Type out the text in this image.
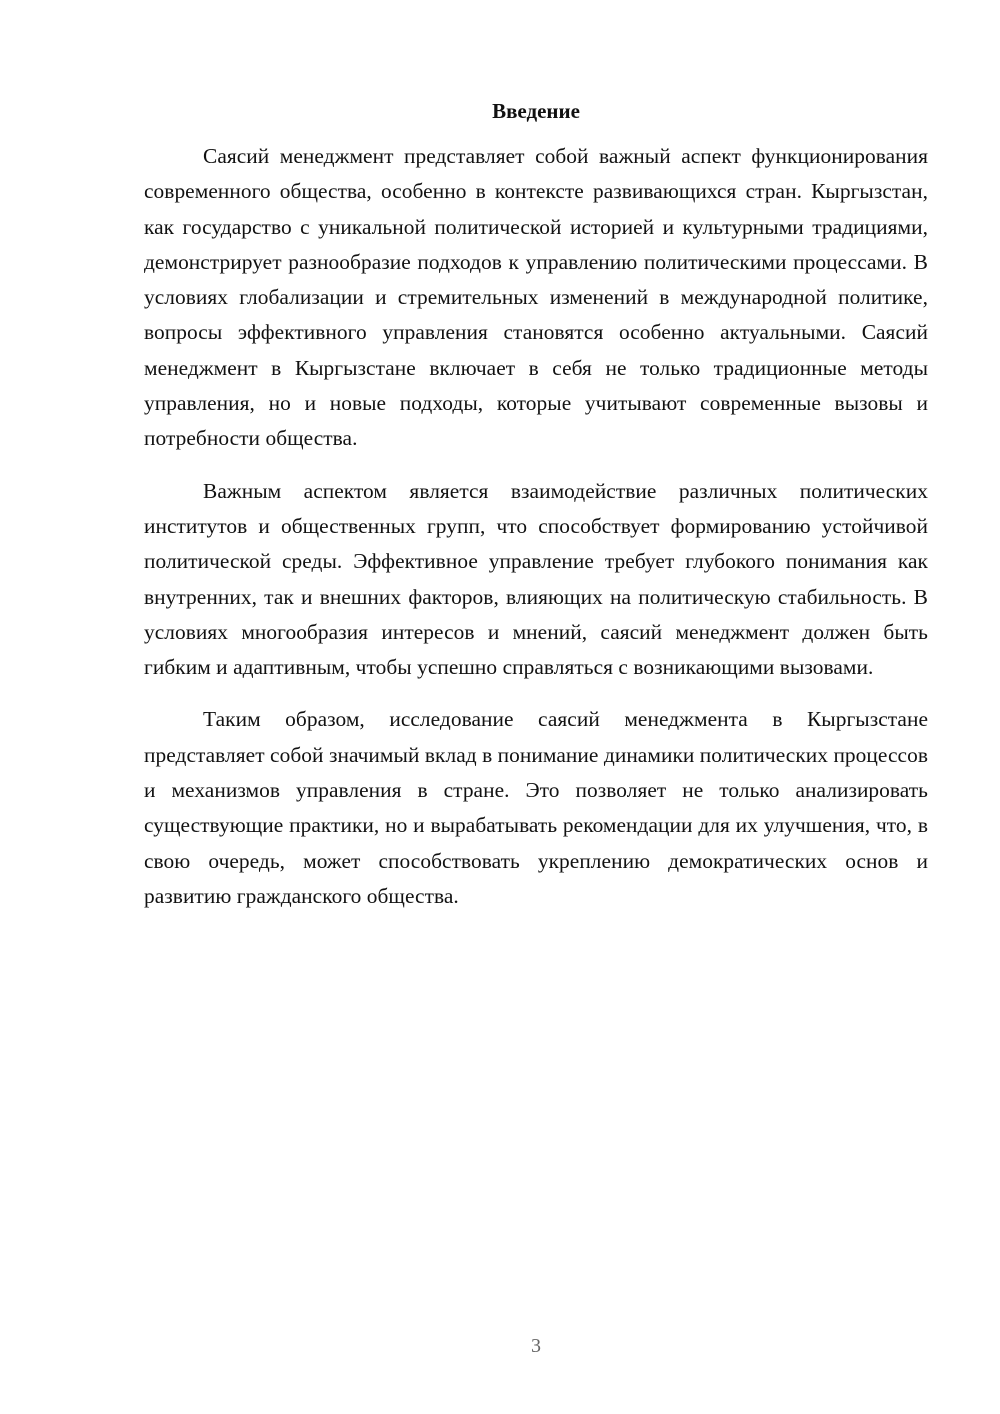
Введение

Саясий менеджмент представляет собой важный аспект функционирования современного общества, особенно в контексте развивающихся стран. Кыргызстан, как государство с уникальной политической историей и культурными традициями, демонстрирует разнообразие подходов к управлению политическими процессами. В условиях глобализации и стремительных изменений в международной политике, вопросы эффективного управления становятся особенно актуальными. Саясий менеджмент в Кыргызстане включает в себя не только традиционные методы управления, но и новые подходы, которые учитывают современные вызовы и потребности общества.

Важным аспектом является взаимодействие различных политических институтов и общественных групп, что способствует формированию устойчивой политической среды. Эффективное управление требует глубокого понимания как внутренних, так и внешних факторов, влияющих на политическую стабильность. В условиях многообразия интересов и мнений, саясий менеджмент должен быть гибким и адаптивным, чтобы успешно справляться с возникающими вызовами.

Таким образом, исследование саясий менеджмента в Кыргызстане представляет собой значимый вклад в понимание динамики политических процессов и механизмов управления в стране. Это позволяет не только анализировать существующие практики, но и вырабатывать рекомендации для их улучшения, что, в свою очередь, может способствовать укреплению демократических основ и развитию гражданского общества.

3
